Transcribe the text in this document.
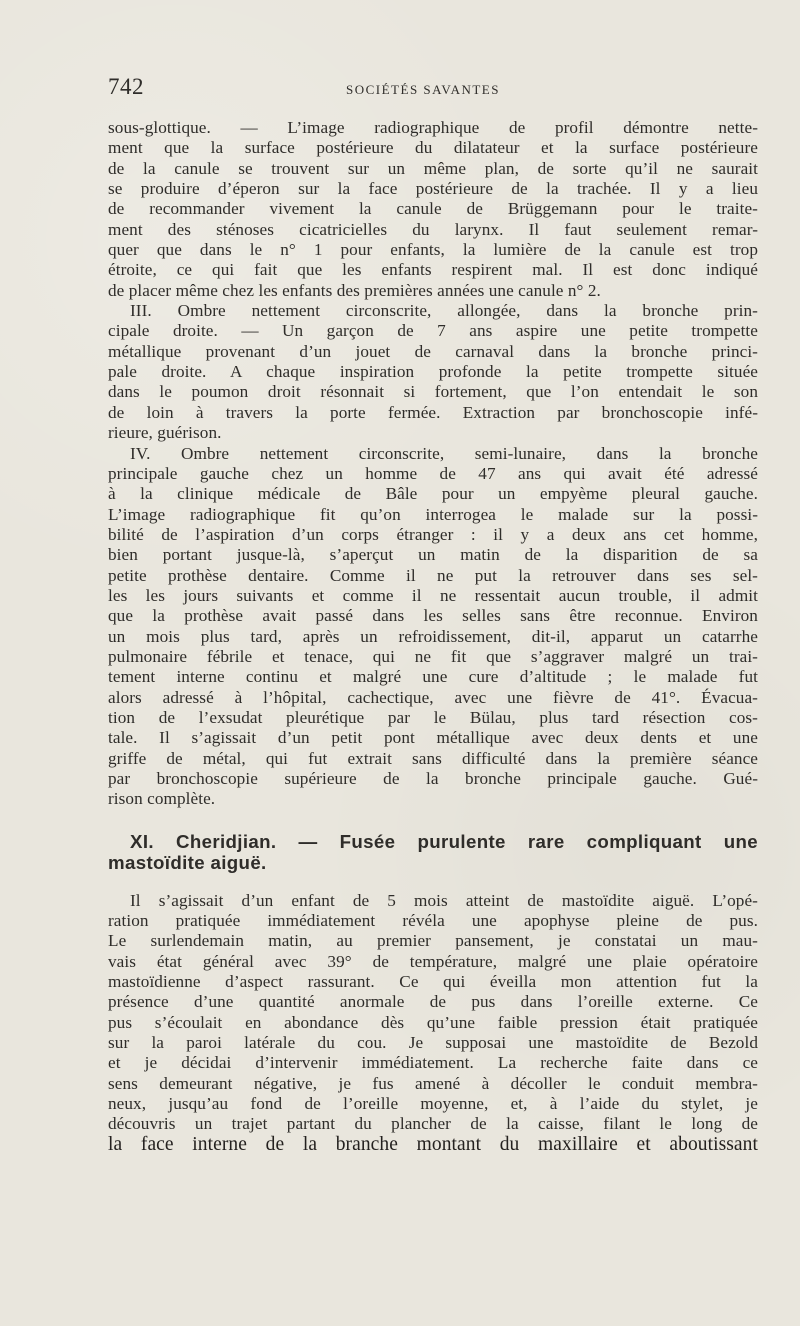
742	SOCIÉTÉS SAVANTES
sous-glottique. — L’image radiographique de profil démontre nette-
ment que la surface postérieure du dilatateur et la surface postérieure
de la canule se trouvent sur un même plan, de sorte qu’il ne saurait
se produire d’éperon sur la face postérieure de la trachée. Il y a lieu
de recommander vivement la canule de Brüggemann pour le traite-
ment des sténoses cicatricielles du larynx. Il faut seulement remar-
quer que dans le n° 1 pour enfants, la lumière de la canule est trop
étroite, ce qui fait que les enfants respirent mal. Il est donc indiqué
de placer même chez les enfants des premières années une canule n° 2.
III. Ombre nettement circonscrite, allongée, dans la bronche prin-
cipale droite. — Un garçon de 7 ans aspire une petite trompette
métallique provenant d’un jouet de carnaval dans la bronche princi-
pale droite. A chaque inspiration profonde la petite trompette située
dans le poumon droit résonnait si fortement, que l’on entendait le son
de loin à travers la porte fermée. Extraction par bronchoscopie infé-
rieure, guérison.
IV. Ombre nettement circonscrite, semi-lunaire, dans la bronche
principale gauche chez un homme de 47 ans qui avait été adressé
à la clinique médicale de Bâle pour un empyème pleural gauche.
L’image radiographique fit qu’on interrogea le malade sur la possi-
bilité de l’aspiration d’un corps étranger : il y a deux ans cet homme,
bien portant jusque-là, s’aperçut un matin de la disparition de sa
petite prothèse dentaire. Comme il ne put la retrouver dans ses sel-
les les jours suivants et comme il ne ressentait aucun trouble, il admit
que la prothèse avait passé dans les selles sans être reconnue. Environ
un mois plus tard, après un refroidissement, dit-il, apparut un catarrhe
pulmonaire fébrile et tenace, qui ne fit que s’aggraver malgré un trai-
tement interne continu et malgré une cure d’altitude ; le malade fut
alors adressé à l’hôpital, cachectique, avec une fièvre de 41°. Évacua-
tion de l’exsudat pleurétique par le Bülau, plus tard résection cos-
tale. Il s’agissait d’un petit pont métallique avec deux dents et une
griffe de métal, qui fut extrait sans difficulté dans la première séance
par bronchoscopie supérieure de la bronche principale gauche. Gué-
rison complète.
XI. Cheridjian. — Fusée purulente rare compliquant une
mastoïdite aiguë.
Il s’agissait d’un enfant de 5 mois atteint de mastoïdite aiguë. L’opé-
ration pratiquée immédiatement révéla une apophyse pleine de pus.
Le surlendemain matin, au premier pansement, je constatai un mau-
vais état général avec 39° de température, malgré une plaie opératoire
mastoïdienne d’aspect rassurant. Ce qui éveilla mon attention fut la
présence d’une quantité anormale de pus dans l’oreille externe. Ce
pus s’écoulait en abondance dès qu’une faible pression était pratiquée
sur la paroi latérale du cou. Je supposai une mastoïdite de Bezold
et je décidai d’intervenir immédiatement. La recherche faite dans ce
sens demeurant négative, je fus amené à décoller le conduit membra-
neux, jusqu’au fond de l’oreille moyenne, et, à l’aide du stylet, je
découvris un trajet partant du plancher de la caisse, filant le long de
la face interne de la branche montant du maxillaire et aboutissant
